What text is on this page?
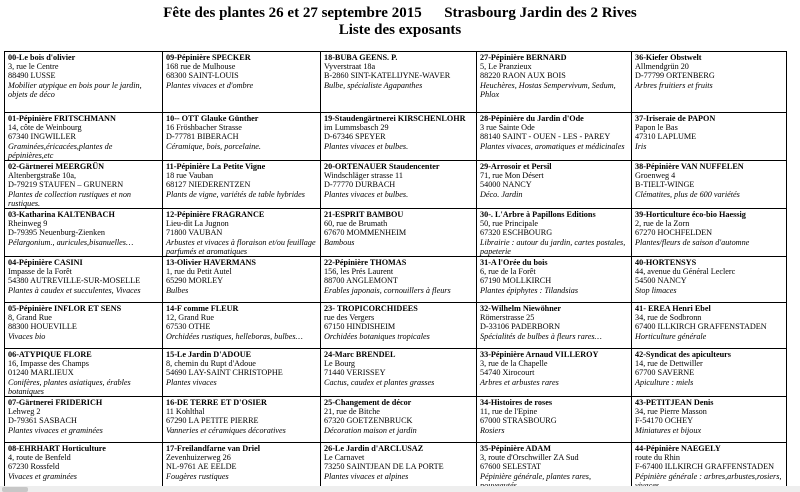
Fête des plantes 26 et 27 septembre 2015      Strasbourg Jardin des 2 Rives
Liste des exposants
00-Le bois d'olivier
3, rue le Centre
88490 LUSSE
Mobilier atypique en bois pour le jardin, objets de déco	09-Pépinière SPECKER
168 rue de Mulhouse
68300 SAINT-LOUIS
Plantes vivaces et d'ombre	18-BUBA GEENS. P.
Vyverstraat 18a
B-2860 SINT-KATELIJYNE-WAVER
Bulbe, spécialiste Agapanthes	27-Pépinière BERNARD
5, Le Pranzieux
88220 RAON AUX BOIS
Heuchères, Hostas Sempervivum, Sedum, Phlox	36-Kiefer Obstwelt
Allmendgrün 20
D-77799 ORTENBERG
Arbres fruitiers et fruits

01-Pépinière FRITSCHMANN
14, côte de Weinbourg
67340 INGWILLER
Graminées,éricacées,plantes de pépinières,etc	10-- OTT Glauke Günther
16 Fröshbacher Strasse
D-77781 BIBERACH
Céramique, bois, porcelaine.	19-Staudengärtnerei KIRSCHENLOHR
im Lummsbasch 29
D-67346 SPEYER
Plantes vivaces et bulbes.	28-Pépinière du Jardin d'Ode
3 rue Sainte Ode
88140 SAINT - OUEN - LES - PAREY
Plantes vivaces, aromatiques et médicinales	37-Iriseraie de PAPON
Papon le Bas
47310 LAPLUME
Iris

02-Gärtnerei MEERGRÜN
Altenbergstraße 10a,
D-79219 STAUFEN – GRUNERN
Plantes de collection rustiques et non rustiques.	11-Pépinière La Petite Vigne
18 rue Vauban
68127 NIEDERENTZEN
Plants de vigne, variétés de table hybrides	20-ORTENAUER Staudencenter
Windschläger strasse 11
D-77770 DURBACH
Plantes vivaces et bulbes.	29-Arrosoir et Persil
71, rue Mon Désert
54000 NANCY
Déco. Jardin	38-Pépinière VAN NUFFELEN
Groenweg 4
B-TIELT-WINGE
Clématites, plus de 600 variétés

03-Katharina KALTENBACH
Rheinweg 9
D-79395 Neuenburg-Zienken
Pélargonium., auricules,bisanuelles…	12-Pépinière FRAGRANCE
Lieu-dit La Jugnon
71800 VAUBAN
Arbustes et vivaces à floraison et/ou feuillage parfumés et aromatiques	21-ESPRIT BAMBOU
60, rue de Brumath
67670 MOMMENHEIM
Bambous	30-. L'Arbre à Papillons Editions
50, rue Principale
67320 ESCHBOURG
Librairie : autour du jardin, cartes postales, papeterie	39-Horticulture éco-bio Haessig
2, rue de la Zorn
67270 HOCHFELDEN
Plantes/fleurs de saison d'automne

04-Pépinière CASINI
Impasse de la Forêt
54380 AUTREVILLE-SUR-MOSELLE
Plantes à caudex et succulentes, Vivaces	13-Olivier HAVERMANS
1, rue du Petit Autel
65290 MORLEY
Bulbes	22-Pépinière THOMAS
156, les Prés Laurent
88700 ANGLEMONT
Erables japonais, cornouillers à fleurs	31-A l'Orée du bois
6, rue de la Forêt
67190 MOLLKIRCH
Plantes épiphytes : Tilandsias	40-HORTENSYS
44, avenue du Général Leclerc
54500 NANCY
Stop limaces

05-Pépinière INFLOR ET SENS
8, Grand Rue
88300 HOUEVILLE
Vivaces bio	14-F comme FLEUR
12, Grand Rue
67530 OTHE
Orchidées rustiques, helleboras, bulbes…	23- TROPICORCHIDEES
rue des Vergers
67150 HINDISHEIM
Orchidées botaniques tropicales	32-Wilhelm Niewöhner
Römerstrasse 25
D-33106 PADERBORN
Spécialités de bulbes à fleurs rares…	41- EREA Henri Ebel
34, rue de Sodbronn
67400 ILLKIRCH GRAFFENSTADEN
Horticulture générale

06-ATYPIQUE FLORE
16, Impasse des Champs
01240 MARLIEUX
Conifères, plantes asiatiques, érables botaniques	15-Le Jardin D'ADOUE
8, chemin du Rupt d'Adoue
54690 LAY-SAINT CHRISTOPHE
Plantes vivaces	24-Marc BRENDEL
Le Bourg
71440 VERISSEY
Cactus, caudex et plantes grasses	33-Pépinière Arnaud VILLEROY
3, rue de la Chapelle
54740 Xirocourt
Arbres et arbustes rares	42-Syndicat des apiculteurs
14, rue de Dettwiller
67700 SAVERNE
Apiculture : miels

07-Gärtnerei FRIDERICH
Lehweg 2
D-79361 SASBACH
Plantes vivaces et graminées	16-DE TERRE ET D'OSIER
11 Kohlthal
67290 LA PETITE PIERRE
Vanneries et céramiques décoratives	25-Changement de décor
21, rue de Bitche
67320 GOETZENBRUCK
Décoration maison et jardin	34-Histoires de roses
11, rue de l'Epine
67000 STRASBOURG
Rosiers	43-PETITJEAN Denis
34, rue Pierre Masson
F-54170 OCHEY
Miniatures et bijoux

08-EHRHART Horticulture
4, route de Benfeld
67230 Rossfeld
Vivaces et graminées	17-Freilandfarne van Driel
Zevenhuizerweg 26
NL-9761 AE EELDE
Fougères rustiques	26-Le Jardin d'ARCLUSAZ
Le Carnavet
73250 SAINTJEAN DE LA PORTE
Plantes vivaces et alpines	35-Pépinière ADAM
3, route d'Orschwiller ZA Sud
67600 SELESTAT
Pépinière générale, plantes rares,	44-Pépinière NAEGELY
route du Rhin
F-67400 ILLKIRCH GRAFFENSTADEN
Pépinière générale : arbres,arbustes,rosiers,
